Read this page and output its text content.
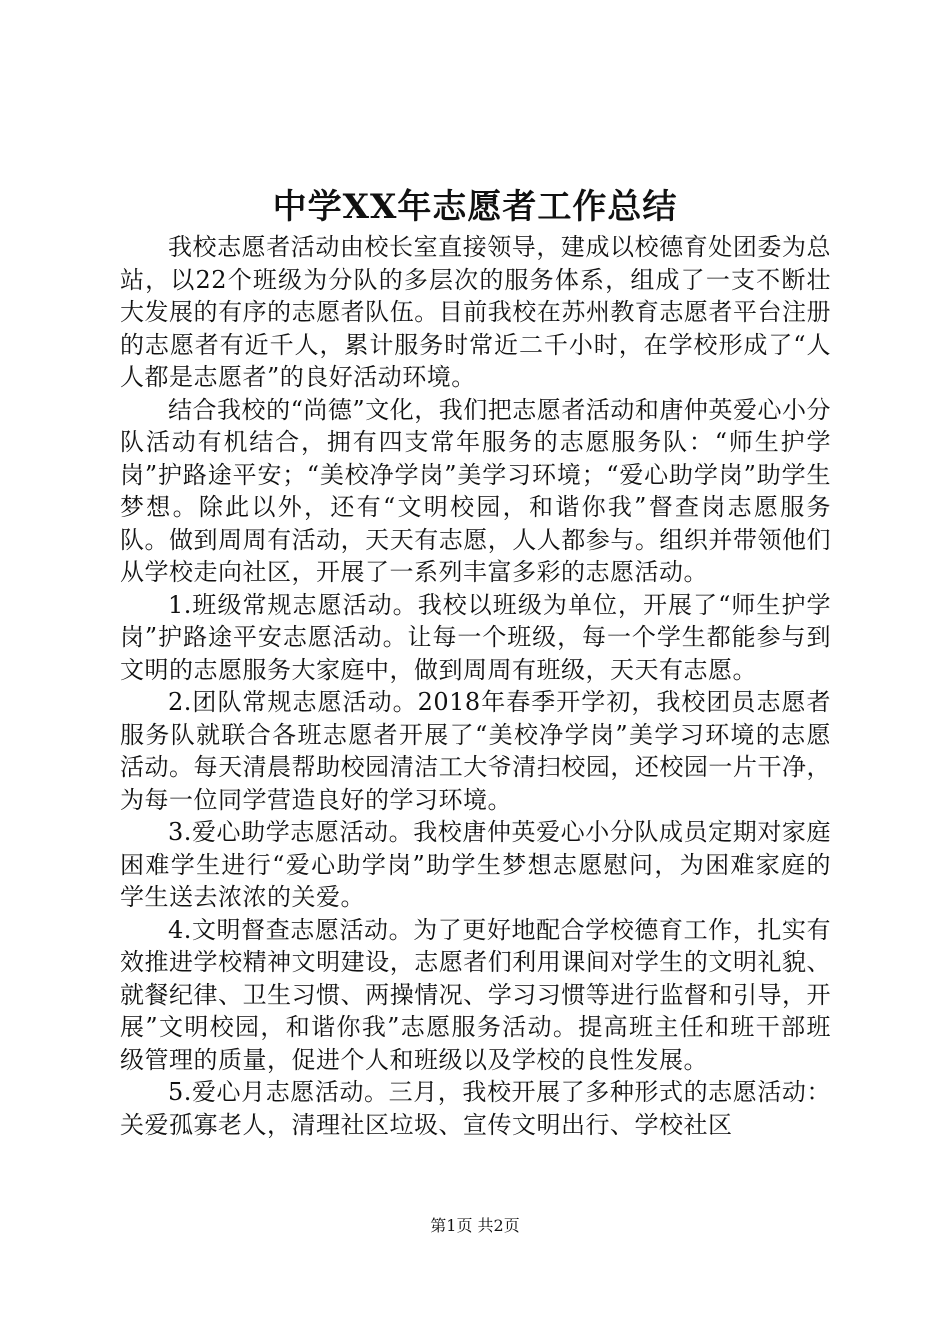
中学XX年志愿者工作总结

我校志愿者活动由校长室直接领导，建成以校德育处团委为总站，以22个班级为分队的多层次的服务体系，组成了一支不断壮大发展的有序的志愿者队伍。目前我校在苏州教育志愿者平台注册的志愿者有近千人，累计服务时常近二千小时，在学校形成了“人人都是志愿者”的良好活动环境。

结合我校的“尚德”文化，我们把志愿者活动和唐仲英爱心小分队活动有机结合，拥有四支常年服务的志愿服务队：“师生护学岗”护路途平安；“美校净学岗”美学习环境；“爱心助学岗”助学生梦想。除此以外，还有“文明校园，和谐你我”督查岗志愿服务队。做到周周有活动，天天有志愿，人人都参与。组织并带领他们从学校走向社区，开展了一系列丰富多彩的志愿活动。

1.班级常规志愿活动。我校以班级为单位，开展了“师生护学岗”护路途平安志愿活动。让每一个班级，每一个学生都能参与到文明的志愿服务大家庭中，做到周周有班级，天天有志愿。

2.团队常规志愿活动。2018年春季开学初，我校团员志愿者服务队就联合各班志愿者开展了“美校净学岗”美学习环境的志愿活动。每天清晨帮助校园清洁工大爷清扫校园，还校园一片干净，为每一位同学营造良好的学习环境。

3.爱心助学志愿活动。我校唐仲英爱心小分队成员定期对家庭困难学生进行“爱心助学岗”助学生梦想志愿慰问，为困难家庭的学生送去浓浓的关爱。

4.文明督查志愿活动。为了更好地配合学校德育工作，扎实有效推进学校精神文明建设，志愿者们利用课间对学生的文明礼貌、就餐纪律、卫生习惯、两操情况、学习习惯等进行监督和引导，开展”文明校园，和谐你我”志愿服务活动。提高班主任和班干部班级管理的质量，促进个人和班级以及学校的良性发展。

5.爱心月志愿活动。三月，我校开展了多种形式的志愿活动：关爱孤寡老人，清理社区垃圾、宣传文明出行、学校社区

第1页 共2页
